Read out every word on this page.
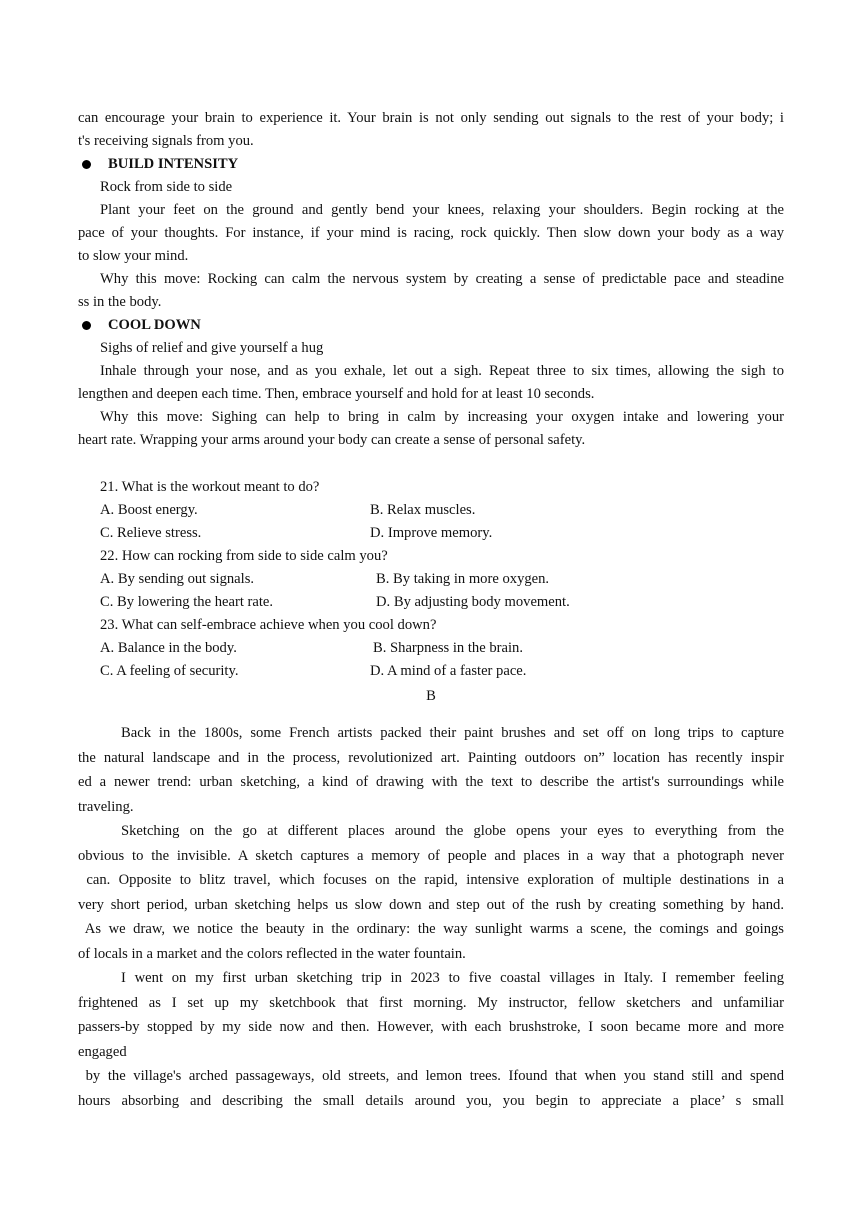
can encourage your brain to experience it. Your brain is not only sending out signals to the rest of your body; i
t's receiving signals from you.
BUILD INTENSITY
Rock from side to side
Plant your feet on the ground and gently bend your knees, relaxing your shoulders. Begin rocking at the
pace of your thoughts. For instance, if your mind is racing, rock quickly. Then slow down your body as a way
to slow your mind.
Why this move: Rocking can calm the nervous system by creating a sense of predictable pace and steadine
ss in the body.
COOL DOWN
Sighs of relief and give yourself a hug
Inhale through your nose, and as you exhale, let out a sigh. Repeat three to six times, allowing the sigh to
lengthen and deepen each time. Then, embrace yourself and hold for at least 10 seconds.
Why this move: Sighing can help to bring in calm by increasing your oxygen intake and lowering your
heart rate. Wrapping your arms around your body can create a sense of personal safety.
21. What is the workout meant to do?
A. Boost energy.	B. Relax muscles.
C. Relieve stress.	D. Improve memory.
22. How can rocking from side to side calm you?
A. By sending out signals.	B. By taking in more oxygen.
C. By lowering the heart rate.	D. By adjusting body movement.
23. What can self-embrace achieve when you cool down?
A. Balance in the body.	B. Sharpness in the brain.
C. A feeling of security.	D. A mind of a faster pace.
B
Back in the 1800s, some French artists packed their paint brushes and set off on long trips to capture
the natural landscape and in the process, revolutionized art. Painting outdoors on” location has recently inspir
ed a newer trend: urban sketching, a kind of drawing with the text to describe the artist's surroundings while
traveling.
Sketching on the go at different places around the globe opens your eyes to everything from the
obvious to the invisible. A sketch captures a memory of people and places in a way that a photograph never
can. Opposite to blitz travel, which focuses on the rapid, intensive exploration of multiple destinations in a
very short period, urban sketching helps us slow down and step out of the rush by creating something by hand.
As we draw, we notice the beauty in the ordinary: the way sunlight warms a scene, the comings and goings
of locals in a market and the colors reflected in the water fountain.
I went on my first urban sketching trip in 2023 to five coastal villages in Italy. I remember feeling
frightened as I set up my sketchbook that first morning. My instructor, fellow sketchers and unfamiliar
passers-by stopped by my side now and then. However, with each brushstroke, I soon became more and more
engaged
by the village's arched passageways, old streets, and lemon trees. Ifound that when you stand still and spend
hours absorbing and describing the small details around you, you begin to appreciate a place’ s small
